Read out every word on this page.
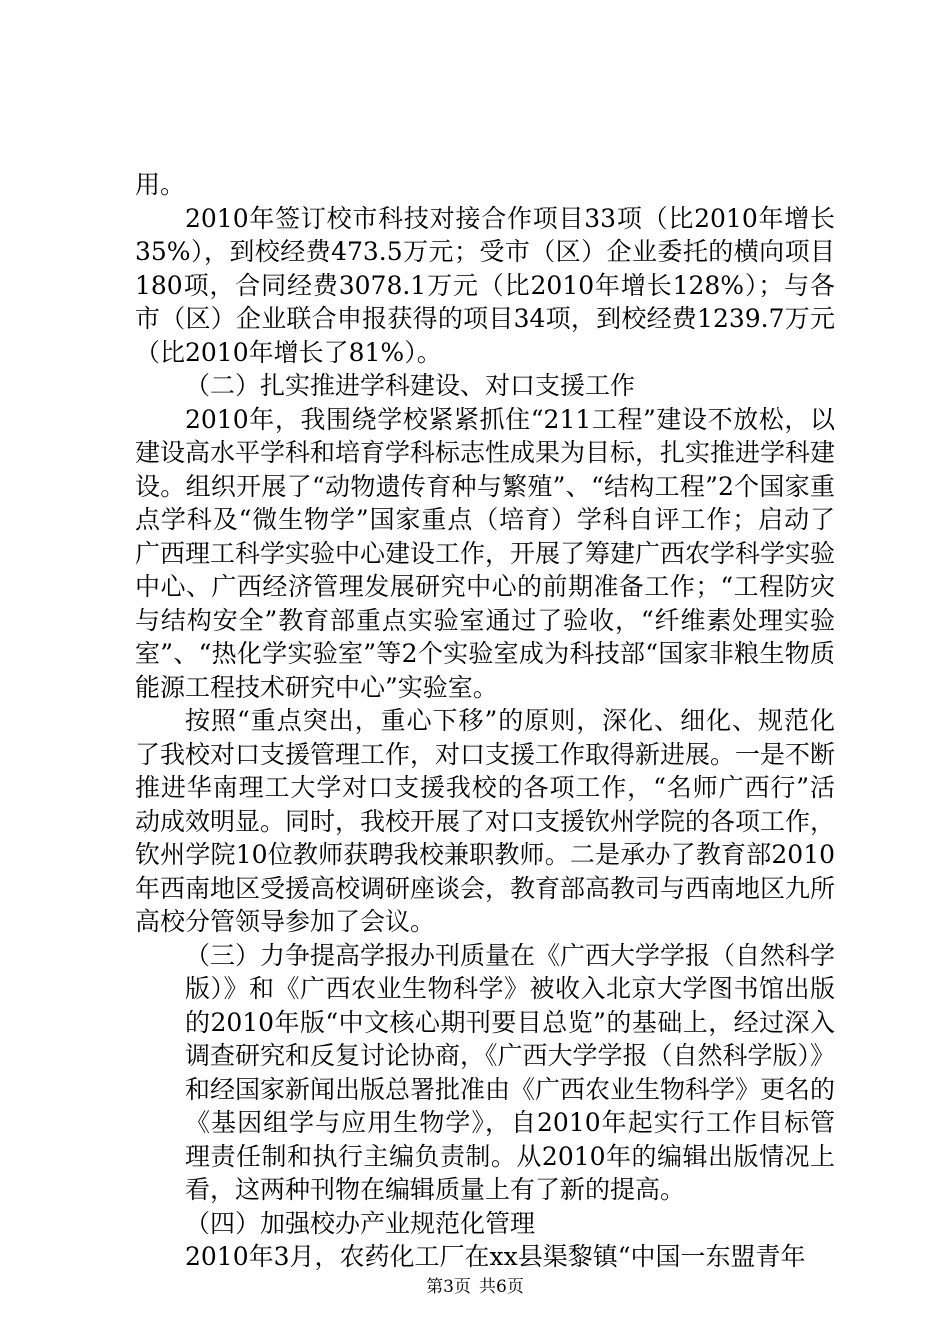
用。

2010年签订校市科技对接合作项目33项（比2010年增长35%），到校经费473.5万元；受市（区）企业委托的横向项目180项，合同经费3078.1万元（比2010年增长128%）；与各市（区）企业联合申报获得的项目34项，到校经费1239.7万元（比2010年增长了81%）。

（二）扎实推进学科建设、对口支援工作

2010年，我围绕学校紧紧抓住“211工程”建设不放松，以建设高水平学科和培育学科标志性成果为目标，扎实推进学科建设。组织开展了“动物遗传育种与繁殖”、“结构工程”2个国家重点学科及“微生物学”国家重点（培育）学科自评工作；启动了广西理工科学实验中心建设工作，开展了筹建广西农学科学实验中心、广西经济管理发展研究中心的前期准备工作；“工程防灾与结构安全”教育部重点实验室通过了验收，“纤维素处理实验室”、“热化学实验室”等2个实验室成为科技部“国家非粮生物质能源工程技术研究中心”实验室。

按照“重点突出，重心下移”的原则，深化、细化、规范化了我校对口支援管理工作，对口支援工作取得新进展。一是不断推进华南理工大学对口支援我校的各项工作，“名师广西行”活动成效明显。同时，我校开展了对口支援钦州学院的各项工作，钦州学院10位教师获聘我校兼职教师。二是承办了教育部2010年西南地区受援高校调研座谈会，教育部高教司与西南地区九所高校分管领导参加了会议。

（三）力争提高学报办刊质量在《广西大学学报（自然科学版）》和《广西农业生物科学》被收入北京大学图书馆出版的2010年版“中文核心期刊要目总览”的基础上，经过深入调查研究和反复讨论协商，《广西大学学报（自然科学版）》和经国家新闻出版总署批准由《广西农业生物科学》更名的《基因组学与应用生物学》，自2010年起实行工作目标管理责任制和执行主编负责制。从2010年的编辑出版情况上看，这两种刊物在编辑质量上有了新的提高。

（四）加强校办产业规范化管理

2010年3月，农药化工厂在xx县渠黎镇“中国一东盟青年

第3页 共6页
